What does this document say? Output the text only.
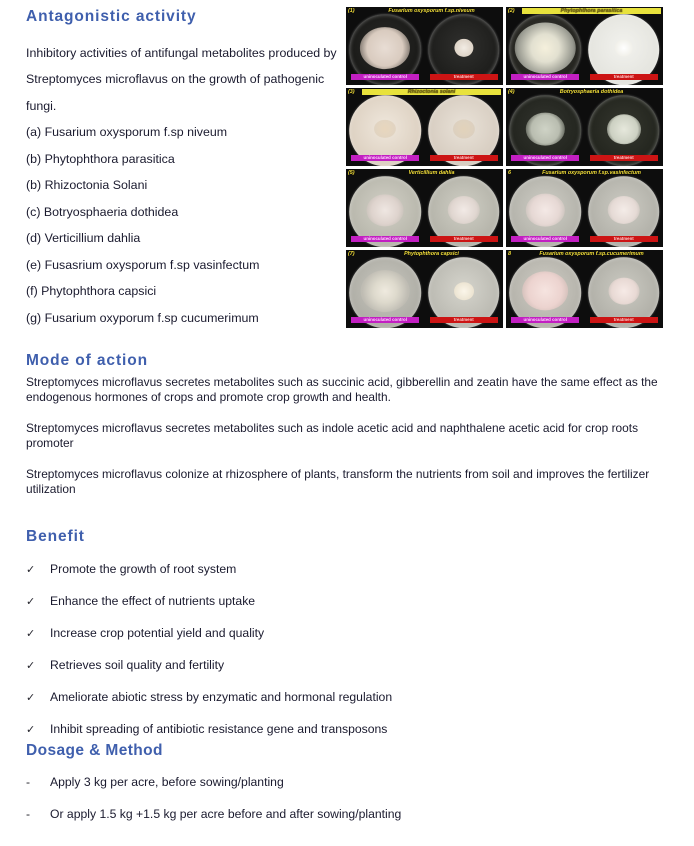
Antagonistic activity

Inhibitory activities of antifungal metabolites produced by Streptomyces microflavus on the growth of pathogenic fungi.

(a) Fusarium oxysporum f.sp niveum
(b) Phytophthora parasitica
(b) Rhizoctonia Solani
(c) Botryosphaeria dothidea
(d) Verticillium dahlia
(e) Fusasrium oxysporum f.sp vasinfectum
(f) Phytophthora capsici
(g) Fusarium oxyporum f.sp cucumerimum
(1)	Fusarium oxysporum f.sp.niveum
uninoculated control	treatment
(2)	Phytophthora parasitica
uninoculated control	treatment
(3)	Rhizoctonia solani
uninoculated control	treatment
(4)	Botryosphaeria dothidea
uninoculated control	treatment
(5)	Verticillium dahlia
uninoculated control	treatment
6	Fusarium oxysporum f.sp.vasinfectum
uninoculated control	treatment
(7)	Phytophthora capsici
uninoculated control	treatment
8	Fusarium oxysporum f.sp.cucumerimum
uninoculated control	treatment
Mode of action

Streptomyces microflavus secretes metabolites such as succinic acid, gibberellin and zeatin have the same effect as the endogenous hormones of crops and promote crop growth and health.

Streptomyces microflavus secretes metabolites such as indole acetic acid and naphthalene acetic acid for crop roots promoter

Streptomyces microflavus colonize at rhizosphere of plants, transform the nutrients from soil and improves the fertilizer utilization

Benefit
✓	Promote the growth of root system
✓	Enhance the effect of nutrients uptake
✓	Increase crop potential yield and quality
✓	Retrieves soil quality and fertility
✓	Ameliorate abiotic stress by enzymatic and hormonal regulation
✓	Inhibit spreading of antibiotic resistance gene and transposons
Dosage & Method
-	Apply 3 kg per acre, before sowing/planting
-	Or apply 1.5 kg +1.5 kg per acre before and after sowing/planting
